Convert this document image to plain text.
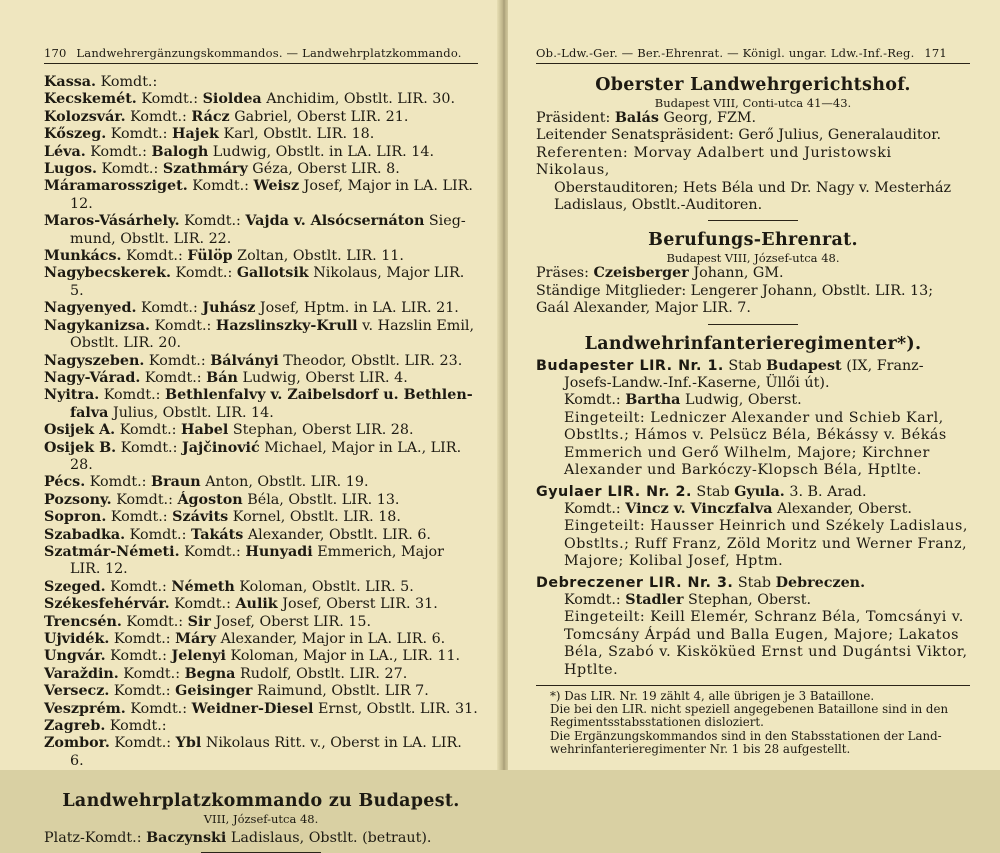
170 Landwehrergänzungskommandos. — Landwehrplatzkommando.

Kassa. Komdt.:

Kecskemét. Komdt.: Sioldea Anchidim, Obstlt. LIR. 30.

Kolozsvár. Komdt.: Rácz Gabriel, Oberst LIR. 21.

Kőszeg. Komdt.: Hajek Karl, Obstlt. LIR. 18.

Léva. Komdt.: Balogh Ludwig, Obstlt. in LA. LIR. 14.

Lugos. Komdt.: Szathmáry Géza, Oberst LIR. 8.

Máramarossziget. Komdt.: Weisz Josef, Major in LA. LIR. 12.

Maros-Vásárhely. Komdt.: Vajda v. Alsócsernáton Siegmund, Obstlt. LIR. 22.

Munkács. Komdt.: Fülöp Zoltan, Obstlt. LIR. 11.

Nagybecskerek. Komdt.: Gallotsik Nikolaus, Major LIR. 5.

Nagyenyed. Komdt.: Juhász Josef, Hptm. in LA. LIR. 21.

Nagykanizsa. Komdt.: Hazslinszky-Krull v. Hazslin Emil, Obstlt. LIR. 20.

Nagyszeben. Komdt.: Bálványi Theodor, Obstlt. LIR. 23.

Nagy-Várad. Komdt.: Bán Ludwig, Oberst LIR. 4.

Nyitra. Komdt.: Bethlenfalvy v. Zaibelsdorf u. Bethlenfalva Julius, Obstlt. LIR. 14.

Osijek A. Komdt.: Habel Stephan, Oberst LIR. 28.

Osijek B. Komdt.: Jajčinović Michael, Major in LA., LIR. 28.

Pécs. Komdt.: Braun Anton, Obstlt. LIR. 19.

Pozsony. Komdt.: Ágoston Béla, Obstlt. LIR. 13.

Sopron. Komdt.: Szávits Kornel, Obstlt. LIR. 18.

Szabadka. Komdt.: Takáts Alexander, Obstlt. LIR. 6.

Szatmár-Németi. Komdt.: Hunyadi Emmerich, Major LIR. 12.

Szeged. Komdt.: Németh Koloman, Obstlt. LIR. 5.

Székesfehérvár. Komdt.: Aulik Josef, Oberst LIR. 31.

Trencsén. Komdt.: Sir Josef, Oberst LIR. 15.

Ujvidék. Komdt.: Máry Alexander, Major in LA. LIR. 6.

Ungvár. Komdt.: Jelenyi Koloman, Major in LA., LIR. 11.

Varaždin. Komdt.: Begna Rudolf, Obstlt. LIR. 27.

Versecz. Komdt.: Geisinger Raimund, Obstlt. LIR 7.

Veszprém. Komdt.: Weidner-Diesel Ernst, Obstlt. LIR. 31.

Zagreb. Komdt.:

Zombor. Komdt.: Ybl Nikolaus Ritt. v., Oberst in LA. LIR. 6.

Landwehrplatzkommando zu Budapest.
VIII, József-utca 48.

Platz-Komdt.: Baczynski Ladislaus, Obstlt. (betraut).

Ob.-Ldw.-Ger. — Ber.-Ehrenrat. — Königl. ungar. Ldw.-Inf.-Reg. 171
Oberster Landwehrgerichtshof.
Budapest VIII, Conti-utca 41—43.

Präsident: Balás Georg, FZM.

Leitender Senatspräsident: Gerő Julius, Generalauditor.

Referenten: Morvay Adalbert und Juristowski Nikolaus,

Oberstauditoren; Hets Béla und Dr. Nagy v. Mesterház Ladislaus, Obstlt.-Auditoren.

Berufungs-Ehrenrat.
Budapest VIII, József-utca 48.

Präses: Czeisberger Johann, GM.

Ständige Mitglieder: Lengerer Johann, Obstlt. LIR. 13; Gaál Alexander, Major LIR. 7.

Landwehrinfanterieregimenter*).

Budapester LIR. Nr. 1. Stab Budapest (IX, Franz-Josefs-Landw.-Inf.-Kaserne, Üllői út).

Komdt.: Bartha Ludwig, Oberst.

Eingeteilt: Ledniczer Alexander und Schieb Karl, Obstlts.; Hámos v. Pelsücz Béla, Békássy v. Békás Emmerich und Gerő Wilhelm, Majore; Kirchner Alexander und Barkóczy-Klopsch Béla, Hptlte.

Gyulaer LIR. Nr. 2. Stab Gyula. 3. B. Arad.

Komdt.: Vincz v. Vinczfalva Alexander, Oberst.

Eingeteilt: Hausser Heinrich und Székely Ladislaus, Obstlts.; Ruff Franz, Zöld Moritz und Werner Franz, Majore; Kolibal Josef, Hptm.

Debreczener LIR. Nr. 3. Stab Debreczen.

Komdt.: Stadler Stephan, Oberst.

Eingeteilt: Keill Elemér, Schranz Béla, Tomcsányi v. Tomcsány Árpád und Balla Eugen, Majore; Lakatos Béla, Szabó v. Kisköküed Ernst und Dugántsi Viktor, Hptlte.

*) Das LIR. Nr. 19 zählt 4, alle übrigen je 3 Bataillone.

Die bei den LIR. nicht speziell angegebenen Bataillone sind in den Regimentsstabsstationen disloziert.

Die Ergänzungskommandos sind in den Stabsstationen der Landwehrinfanterieregimenter Nr. 1 bis 28 aufgestellt.
